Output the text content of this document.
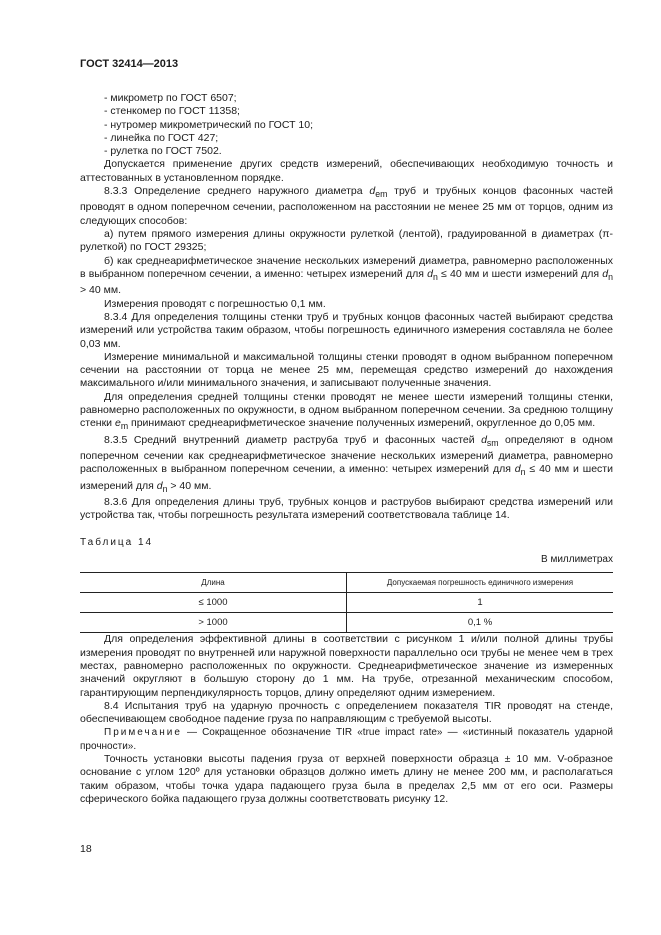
ГОСТ 32414—2013

- микрометр по ГОСТ 6507;

- стенкомер по ГОСТ 11358;

- нутромер микрометрический по ГОСТ 10;

- линейка по ГОСТ 427;

- рулетка по ГОСТ 7502.

Допускается применение других средств измерений, обеспечивающих необходимую точность и аттестованных в установленном порядке.

8.3.3 Определение среднего наружного диаметра $d_{em}$ труб и трубных концов фасонных частей проводят в одном поперечном сечении, расположенном на расстоянии не менее 25 мм от торцов, одним из следующих способов:

а) путем прямого измерения длины окружности рулеткой (лентой), градуированной в диаметрах (π-рулеткой) по ГОСТ 29325;

б) как среднеарифметическое значение нескольких измерений диаметра, равномерно расположенных в выбранном поперечном сечении, а именно: четырех измерений для $d_n \le 40$ мм и шести измерений для $d_n > 40$ мм.

Измерения проводят с погрешностью 0,1 мм.

8.3.4 Для определения толщины стенки труб и трубных концов фасонных частей выбирают средства измерений или устройства таким образом, чтобы погрешность единичного измерения составляла не более 0,03 мм.

Измерение минимальной и максимальной толщины стенки проводят в одном выбранном поперечном сечении на расстоянии от торца не менее 25 мм, перемещая средство измерений до нахождения максимального и/или минимального значения, и записывают полученные значения.

Для определения средней толщины стенки проводят не менее шести измерений толщины стенки, равномерно расположенных по окружности, в одном выбранном поперечном сечении. За среднюю толщину стенки $e_m$ принимают среднеарифметическое значение полученных измерений, округленное до 0,05 мм.

8.3.5 Средний внутренний диаметр раструба труб и фасонных частей $d_{sm}$ определяют в одном поперечном сечении как среднеарифметическое значение нескольких измерений диаметра, равномерно расположенных в выбранном поперечном сечении, а именно: четырех измерений для $d_n \le 40$ мм и шести измерений для $d_n > 40$ мм.

8.3.6 Для определения длины труб, трубных концов и раструбов выбирают средства измерений или устройства так, чтобы погрешность результата измерений соответствовала таблице 14.

Таблица 14
В миллиметрах
Длина	Допускаемая погрешность единичного измерения
≤ 1000	1
> 1000	0,1 %

Для определения эффективной длины в соответствии с рисунком 1 и/или полной длины трубы измерения проводят по внутренней или наружной поверхности параллельно оси трубы не менее чем в трех местах, равномерно расположенных по окружности. Среднеарифметическое значение из измеренных значений округляют в большую сторону до 1 мм. На трубе, отрезанной механическим способом, гарантирующим перпендикулярность торцов, длину определяют одним измерением.

8.4 Испытания труб на ударную прочность с определением показателя TIR проводят на стенде, обеспечивающем свободное падение груза по направляющим с требуемой высоты.

Примечание — Сокращенное обозначение TIR «true impact rate» — «истинный показатель ударной прочности».

Точность установки высоты падения груза от верхней поверхности образца ± 10 мм. V-образное основание с углом 120º для установки образцов должно иметь длину не менее 200 мм, и располагаться таким образом, чтобы точка удара падающего груза была в пределах 2,5 мм от его оси. Размеры сферического бойка падающего груза должны соответствовать рисунку 12.

18
